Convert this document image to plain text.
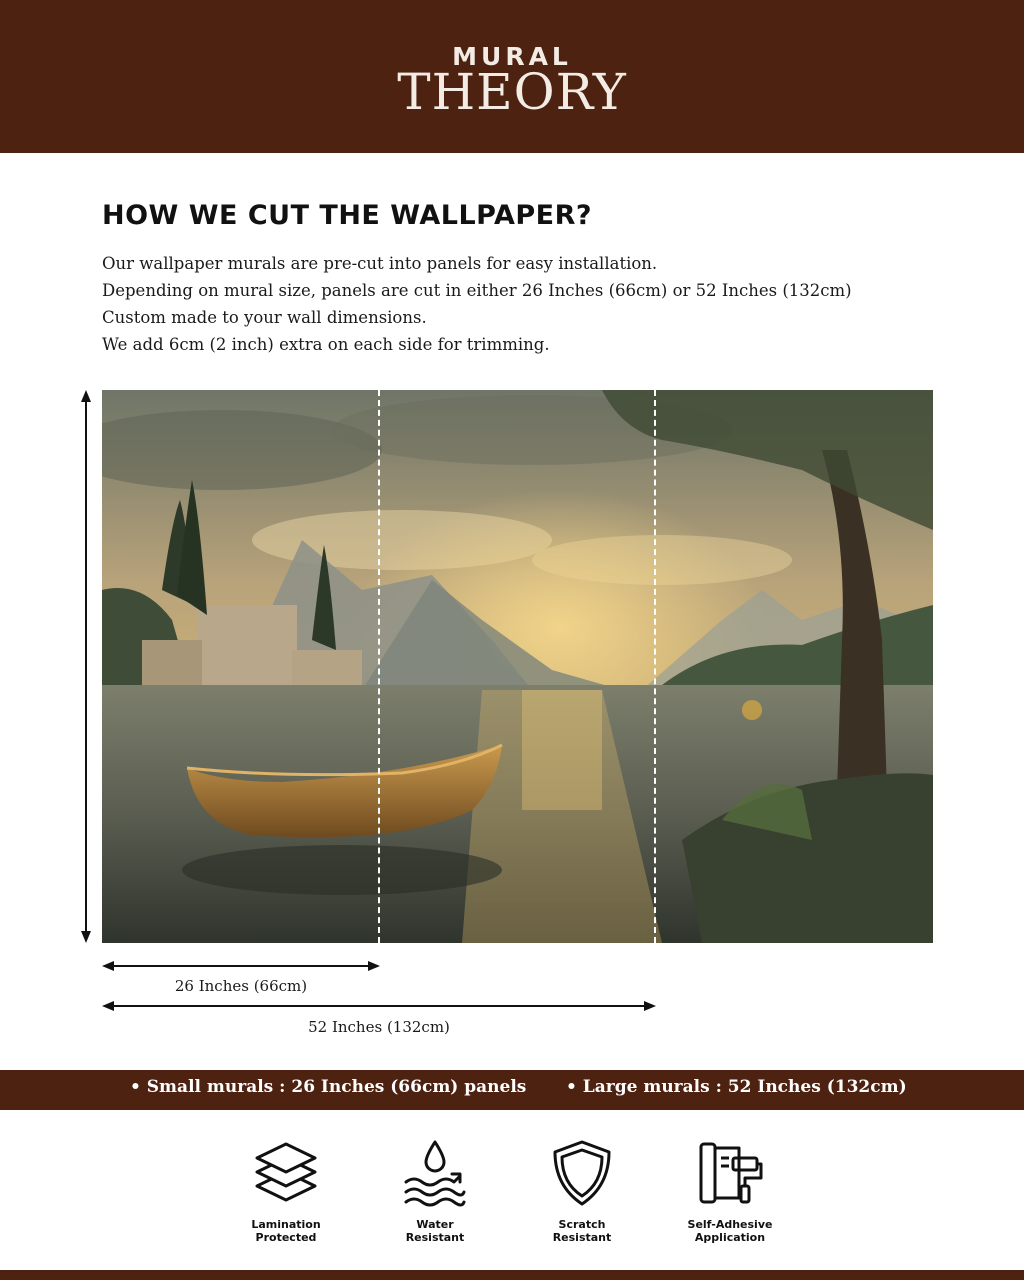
MURAL
THEORY
HOW WE CUT THE WALLPAPER?
Our wallpaper murals are pre-cut into panels for easy installation.
Depending on mural size, panels are cut in either 26 Inches (66cm) or 52 Inches (132cm)
Custom made to your wall dimensions.
We add 6cm (2 inch) extra on each side for trimming.
26 Inches (66cm)
52 Inches (132cm)
• Small murals : 26 Inches (66cm) panels • Large murals : 52 Inches (132cm)
Lamination
Protected
Water
Resistant
Scratch
Resistant
Self-Adhesive
Application
